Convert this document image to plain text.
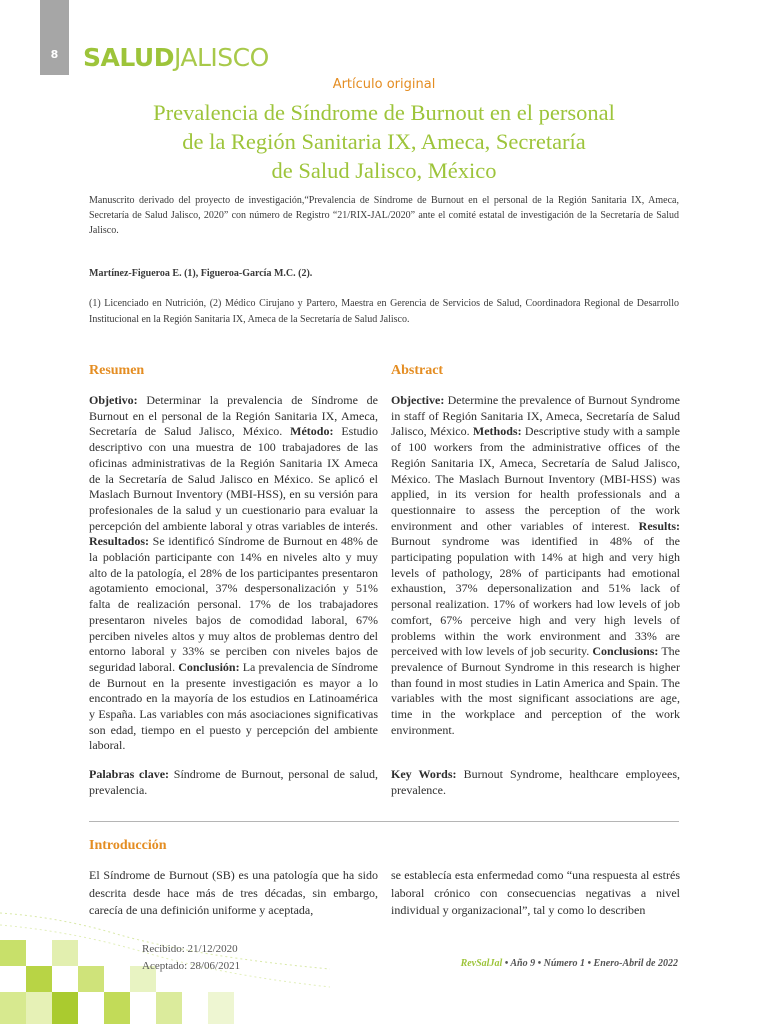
8 SALUDJALISCO
Artículo original
Prevalencia de Síndrome de Burnout en el personal
de la Región Sanitaria IX, Ameca, Secretaría
de Salud Jalisco, México
Manuscrito derivado del proyecto de investigación,“Prevalencia de Síndrome de Burnout en el personal de la Región Sanitaria IX, Ameca, Secretaría de Salud Jalisco, 2020” con número de Registro “21/RIX-JAL/2020” ante el comité estatal de investigación de la Secretaría de Salud Jalisco.
Martínez-Figueroa E. (1), Figueroa-García M.C. (2).
(1) Licenciado en Nutrición, (2) Médico Cirujano y Partero, Maestra en Gerencia de Servicios de Salud, Coordinadora Regional de Desarrollo Institucional en la Región Sanitaria IX, Ameca de la Secretaría de Salud Jalisco.
Resumen	Abstract
Objetivo: Determinar la prevalencia de Síndrome de Burnout en el personal de la Región Sanitaria IX, Ameca, Secretaría de Salud Jalisco, México. Método: Estudio descriptivo con una muestra de 100 trabajadores de las oficinas administrativas de la Región Sanitaria IX Ameca de la Secretaría de Salud Jalisco en México. Se aplicó el Maslach Burnout Inventory (MBI-HSS), en su versión para profesionales de la salud y un cuestionario para evaluar la percepción del ambiente laboral y otras variables de interés. Resultados: Se identificó Síndrome de Burnout en 48% de la población participante con 14% en niveles alto y muy alto de la patología, el 28% de los participantes presentaron agotamiento emocional, 37% despersonalización y 51% falta de realización personal. 17% de los trabajadores presentaron niveles bajos de comodidad laboral, 67% perciben niveles altos y muy altos de problemas dentro del entorno laboral y 33% se perciben con niveles bajos de seguridad laboral. Conclusión: La prevalencia de Síndrome de Burnout en la presente investigación es mayor a lo encontrado en la mayoría de los estudios en Latinoamérica y España. Las variables con más asociaciones significativas son edad, tiempo en el puesto y percepción del ambiente laboral.
Palabras clave: Síndrome de Burnout, personal de salud, prevalencia.
Objective: Determine the prevalence of Burnout Syndrome in staff of Región Sanitaria IX, Ameca, Secretaría de Salud Jalisco, México. Methods: Descriptive study with a sample of 100 workers from the administrative offices of the Región Sanitaria IX, Ameca, Secretaría de Salud Jalisco, México. The Maslach Burnout Inventory (MBI-HSS) was applied, in its version for health professionals and a questionnaire to assess the perception of the work environment and other variables of interest. Results: Burnout syndrome was identified in 48% of the participating population with 14% at high and very high levels of pathology, 28% of participants had emotional exhaustion, 37% depersonalization and 51% lack of personal realization. 17% of workers had low levels of job comfort, 67% perceive high and very high levels of problems within the work environment and 33% are perceived with low levels of job security. Conclusions: The prevalence of Burnout Syndrome in this research is higher than found in most studies in Latin America and Spain. The variables with the most significant associations are age, time in the workplace and perception of the work environment.
Key Words: Burnout Syndrome, healthcare employees, prevalence.
Introducción
El Síndrome de Burnout (SB) es una patología que ha sido descrita desde hace más de tres décadas, sin embargo, carecía de una definición uniforme y aceptada,
se establecía esta enfermedad como “una respuesta al estrés laboral crónico con consecuencias negativas a nivel individual y organizacional”, tal y como lo describen
Recibido: 21/12/2020
Aceptado: 28/06/2021	RevSalJal • Año 9 • Número 1 • Enero-Abril de 2022
